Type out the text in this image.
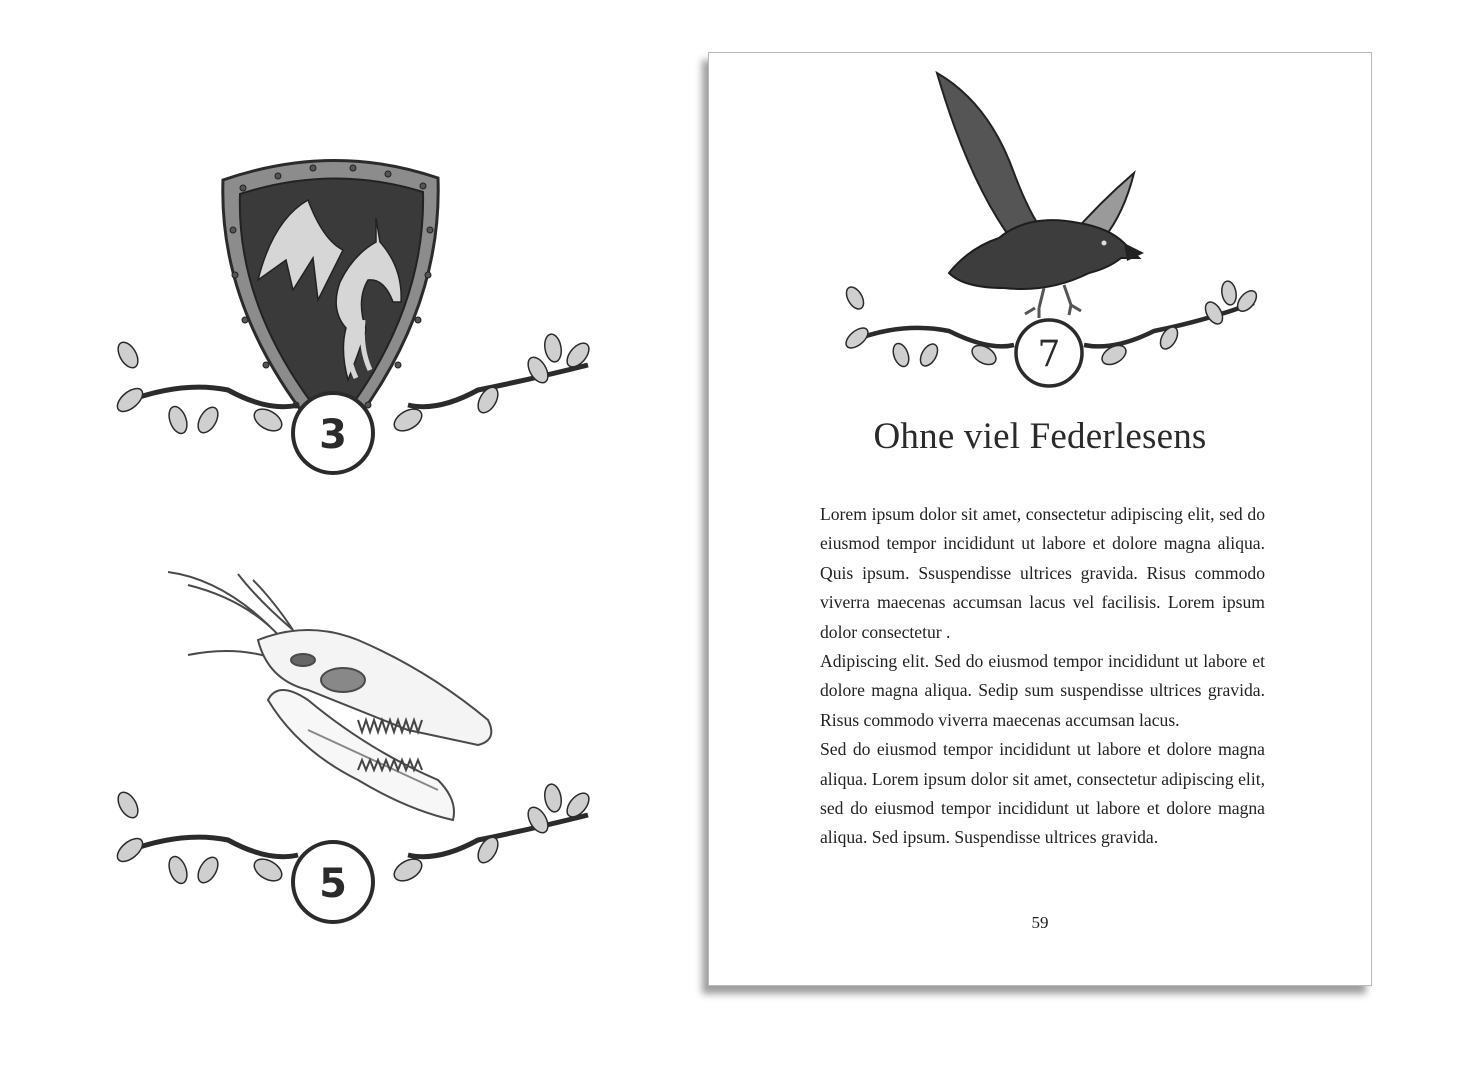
3
5
7
Ohne viel Federlesens
Lorem ipsum dolor sit amet, consectetur adipiscing elit, sed do eiusmod tempor incididunt ut labore et dolore magna aliqua. Quis ipsum. Ssuspendisse ultrices gravida. Risus commodo viverra maecenas accumsan lacus vel facilisis. Lorem ipsum dolor consectetur .
Adipiscing elit. Sed do eiusmod tempor incididunt ut labore et dolore magna aliqua. Sedip sum suspendisse ultrices gravida. Risus commodo viverra maecenas accumsan lacus.
Sed do eiusmod tempor incididunt ut labore et dolore magna aliqua. Lorem ipsum dolor sit amet, consectetur adipiscing elit, sed do eiusmod tempor incididunt ut labore et dolore magna aliqua. Sed ipsum. Suspendisse ultrices gravida.
59
